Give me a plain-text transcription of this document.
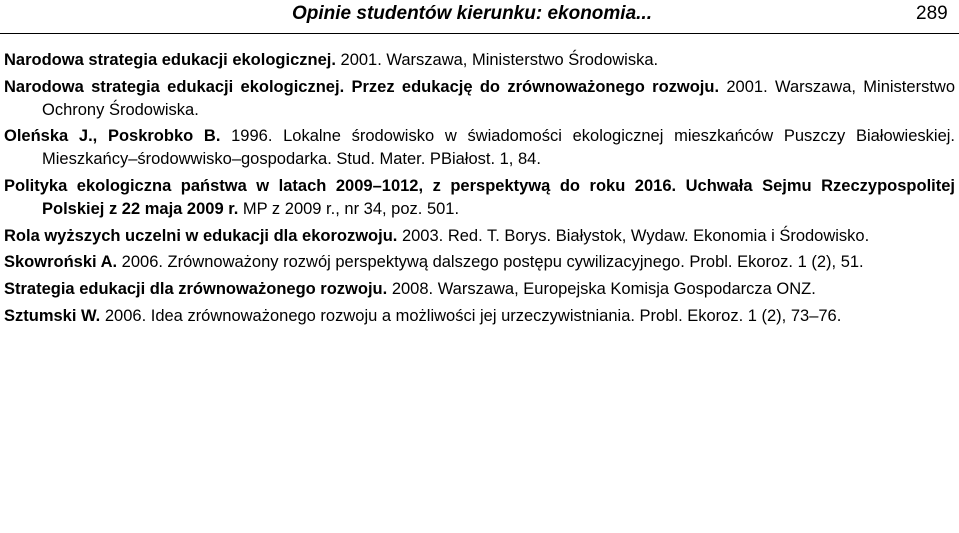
Opinie studentów kierunku: ekonomia...	289

Narodowa strategia edukacji ekologicznej. 2001. Warszawa, Ministerstwo Środowiska.

Narodowa strategia edukacji ekologicznej. Przez edukację do zrównoważonego rozwoju. 2001. Warszawa, Ministerstwo Ochrony Środowiska.

Oleńska J., Poskrobko B. 1996. Lokalne środowisko w świadomości ekologicznej mieszkańców Puszczy Białowieskiej. Mieszkańcy–środowwisko–gospodarka. Stud. Mater. PBiałost. 1, 84.

Polityka ekologiczna państwa w latach 2009–1012, z perspektywą do roku 2016. Uchwała Sejmu Rzeczypospolitej Polskiej z 22 maja 2009 r. MP z 2009 r., nr 34, poz. 501.

Rola wyższych uczelni w edukacji dla ekorozwoju. 2003. Red. T. Borys. Białystok, Wydaw. Ekonomia i Środowisko.

Skowroński A. 2006. Zrównoważony rozwój perspektywą dalszego postępu cywilizacyjnego. Probl. Ekoroz. 1 (2), 51.

Strategia edukacji dla zrównoważonego rozwoju. 2008. Warszawa, Europejska Komisja Gospodarcza ONZ.

Sztumski W. 2006. Idea zrównoważonego rozwoju a możliwości jej urzeczywistniania. Probl. Ekoroz. 1 (2), 73–76.
